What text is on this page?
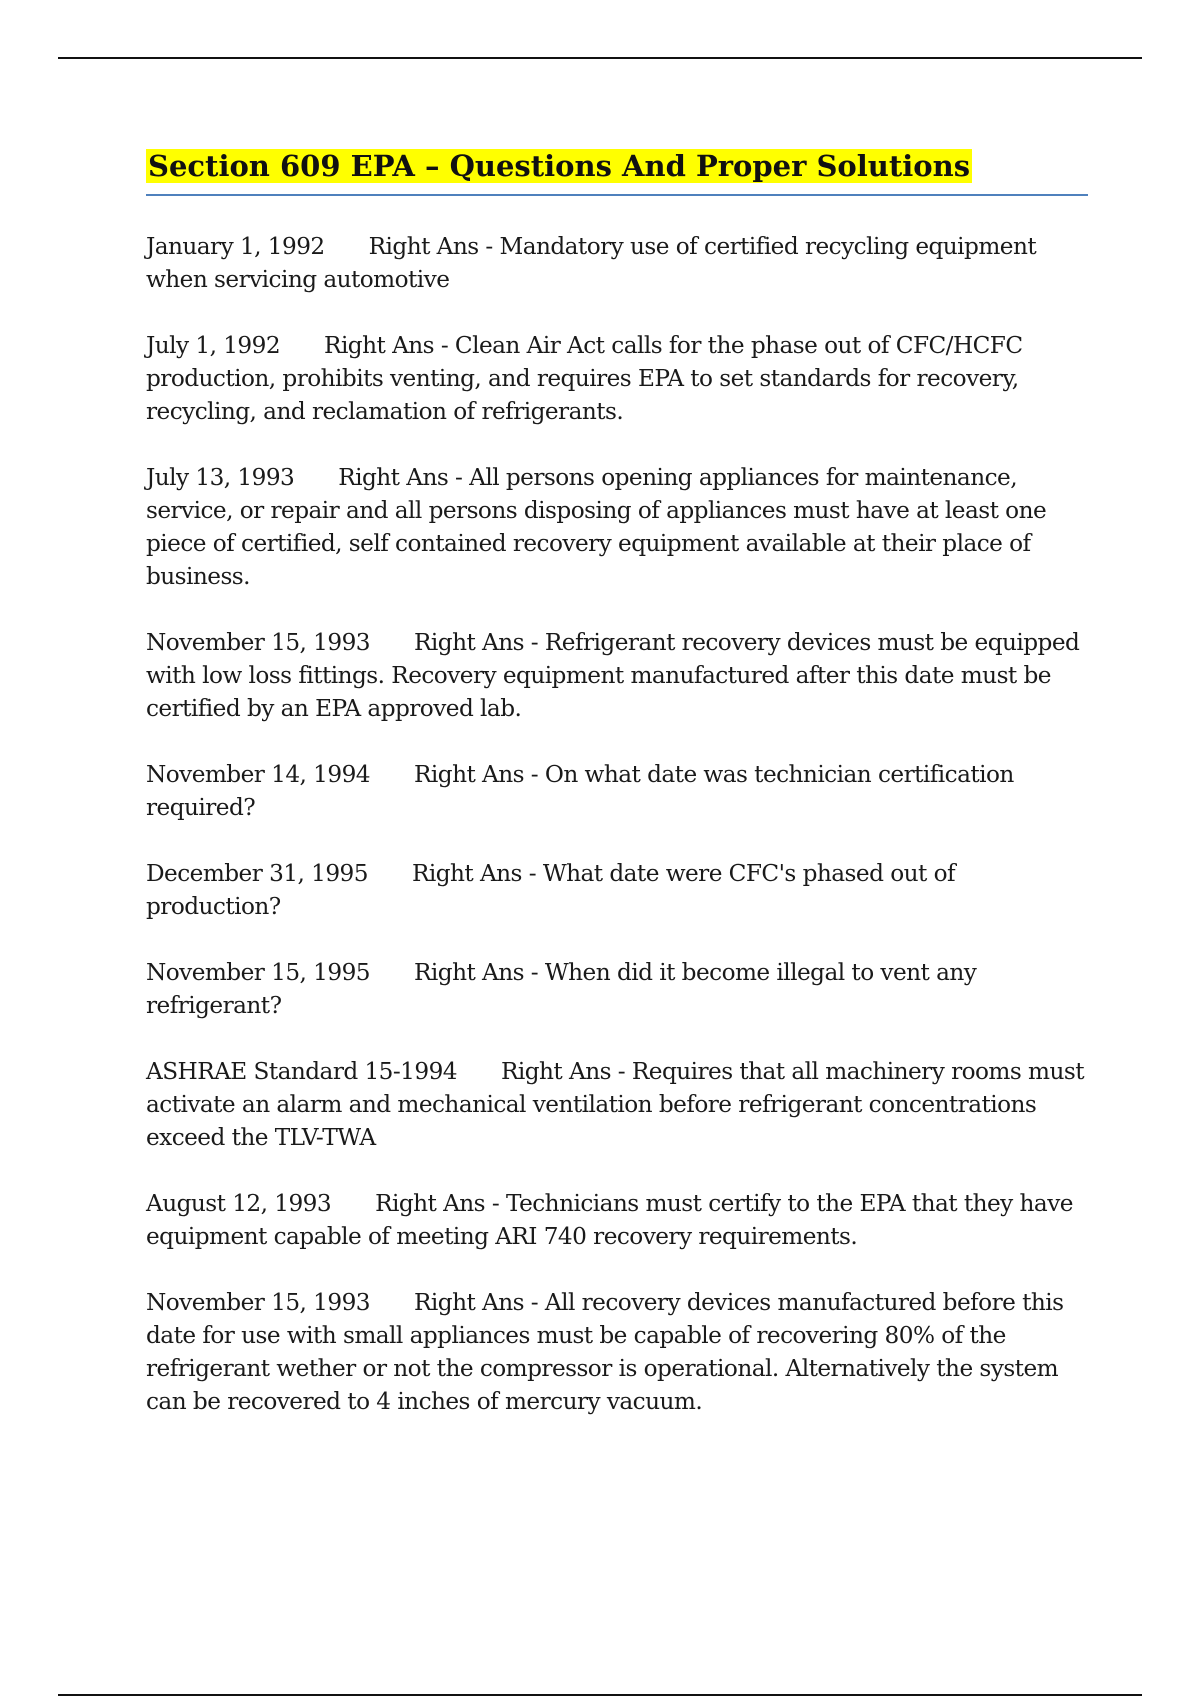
Section 609 EPA – Questions And Proper Solutions

January 1, 1992 Right Ans - Mandatory use of certified recycling equipment when servicing automotive

July 1, 1992 Right Ans - Clean Air Act calls for the phase out of CFC/HCFC production, prohibits venting, and requires EPA to set standards for recovery, recycling, and reclamation of refrigerants.

July 13, 1993 Right Ans - All persons opening appliances for maintenance, service, or repair and all persons disposing of appliances must have at least one piece of certified, self contained recovery equipment available at their place of business.

November 15, 1993 Right Ans - Refrigerant recovery devices must be equipped with low loss fittings. Recovery equipment manufactured after this date must be certified by an EPA approved lab.

November 14, 1994 Right Ans - On what date was technician certification required?

December 31, 1995 Right Ans - What date were CFC's phased out of production?

November 15, 1995 Right Ans - When did it become illegal to vent any refrigerant?

ASHRAE Standard 15-1994 Right Ans - Requires that all machinery rooms must activate an alarm and mechanical ventilation before refrigerant concentrations exceed the TLV-TWA

August 12, 1993 Right Ans - Technicians must certify to the EPA that they have equipment capable of meeting ARI 740 recovery requirements.

November 15, 1993 Right Ans - All recovery devices manufactured before this date for use with small appliances must be capable of recovering 80% of the refrigerant wether or not the compressor is operational. Alternatively the system can be recovered to 4 inches of mercury vacuum.
